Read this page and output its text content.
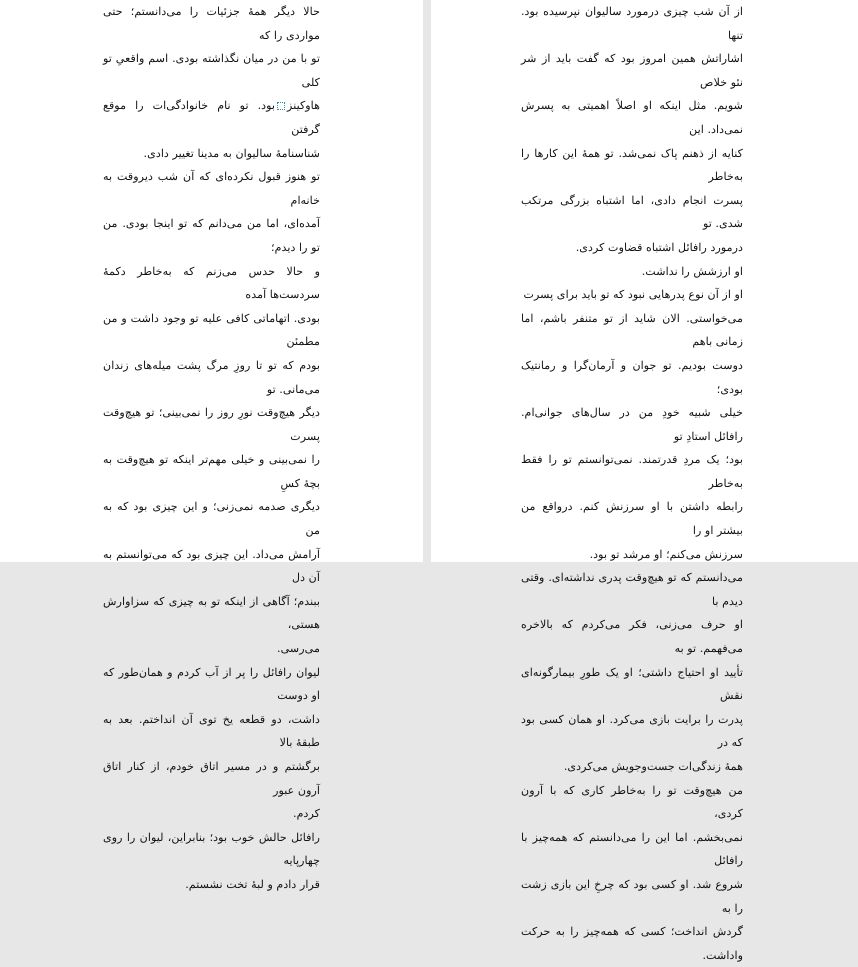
حالا دیگر همهٔ جزئیات را می‌دانستم؛ حتی مواردی را که
تو با من در میان نگذاشته بودی. اسم واقعیِ تو کلی
هاوکینزبود. تو نام خانوادگی‌ات را موقع گرفتن
شناسنامهٔ سالیوان به مدینا تغییر دادی.

تو هنوز قبول نکرده‌ای که آن شب دیروقت به خانه‌ام
آمده‌ای، اما من می‌دانم که تو اینجا بودی. من تو را دیدم؛
و حالا حدس می‌زنم که به‌خاطر دکمهٔ سردست‌ها آمده
بودی. اتهاماتی کافی علیه تو وجود داشت و من مطمئن
بودم که تو تا روزِ مرگ پشت میله‌های زندان می‌مانی. تو
دیگر هیچ‌وقت نورِ روز را نمی‌بینی؛ تو هیچ‌وقت پسرت
را نمی‌بینی و خیلی مهم‌تر اینکه تو هیچ‌وقت به بچهٔ کسِ
دیگری صدمه نمی‌زنی؛ و این چیزی بود که به من
آرامش می‌داد. این چیزی بود که می‌توانستم به آن دل
ببندم؛ آگاهی از اینکه تو به چیزی که سزاوارش هستی،
می‌رسی.

لیوان رافائل را پر از آب کردم و همان‌طور که او دوست
داشت، دو قطعه یخ توی آن انداختم. بعد به طبقهٔ بالا
برگشتم و در مسیر اتاق خودم، از کنار اتاق آرون عبور
کردم.

رافائل حالش خوب بود؛ بنابراین، لیوان را روی چهارپایه
قرار دادم و لبهٔ تخت نشستم.

از آن شب چیزی درمورد سالیوان نپرسیده بود. تنها
اشاراتش همین امروز بود که گفت باید از شر نئو خلاص
شویم. مثل اینکه او اصلاً اهمیتی به پسرش نمی‌داد. این
کنایه از ذهنم پاک نمی‌شد. تو همهٔ این کارها را به‌خاطر
پسرت انجام دادی، اما اشتباه بزرگی مرتکب شدی. تو
درمورد رافائل اشتباه قضاوت کردی.

او ارزشش را نداشت.

او از آن نوع پدرهایی نبود که تو باید برای پسرت
می‌خواستی. الان شاید از تو متنفر باشم، اما زمانی باهم
دوست بودیم. تو جوان و آرمان‌گرا و رمانتیک بودی؛
خیلی شبیه خودِ من در سال‌های جوانی‌ام. رافائل استادِ تو
بود؛ یک مردِ قدرتمند. نمی‌توانستم تو را فقط به‌خاطر
رابطه داشتن با او سرزنش کنم. درواقع من بیشتر او را
سرزنش می‌کنم؛ او مرشد تو بود.

می‌دانستم که تو هیچ‌وقت پدری نداشته‌ای. وقتی دیدم با
او حرف می‌زنی، فکر می‌کردم که بالاخره می‌فهمم. تو به
تأیید او احتیاج داشتی؛ او یک طورِ بیمارگونه‌ای نقش
پدرت را برایت بازی می‌کرد. او همان کسی بود که در
همهٔ زندگی‌ات جست‌وجویش می‌کردی.

من هیچ‌وقت تو را به‌خاطر کاری که با آرون کردی،
نمی‌بخشم. اما این را می‌دانستم که همه‌چیز با رافائل
شروع شد. او کسی بود که چرخِ این بازی زشت را به
گردش انداخت؛ کسی که همه‌چیز را به حرکت واداشت.
